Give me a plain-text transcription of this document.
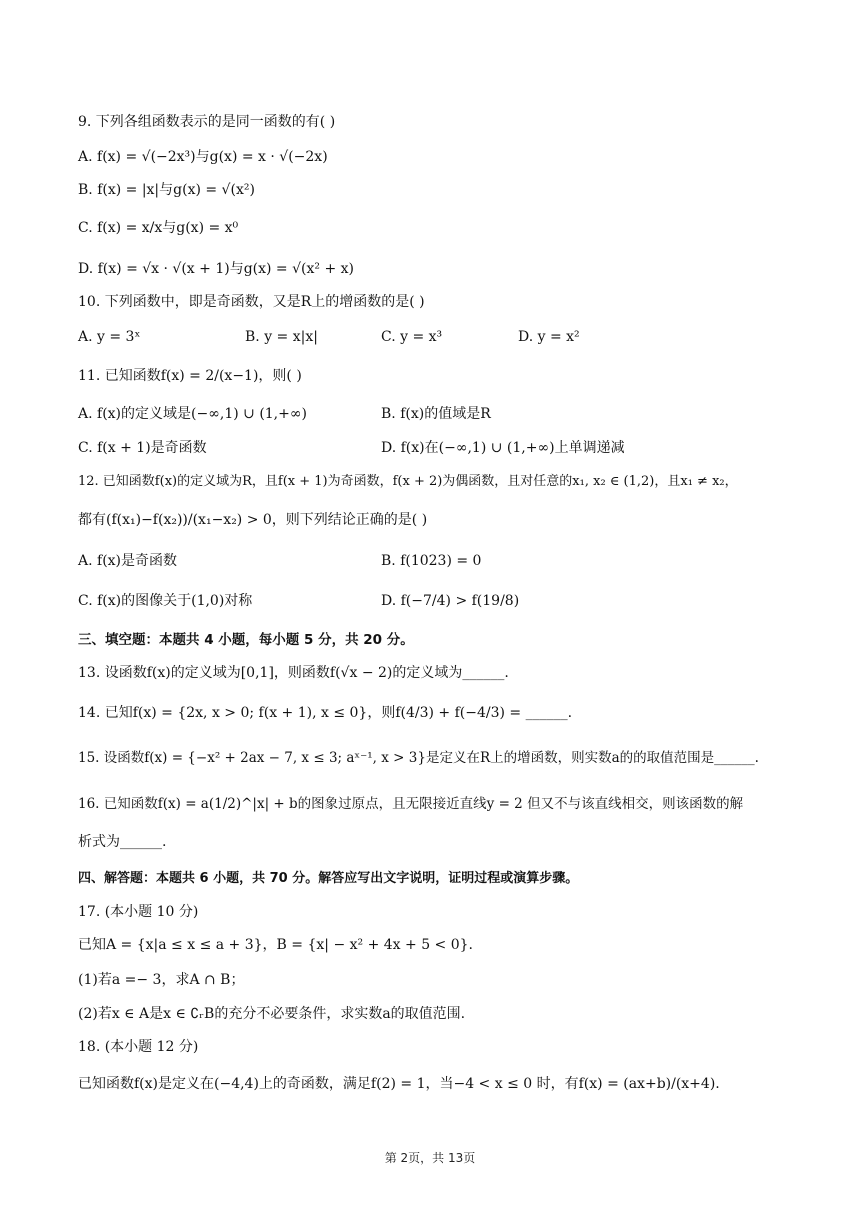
9. 下列各组函数表示的是同一函数的有( )
A. f(x) = √(−2x³)与g(x) = x · √(−2x)
B. f(x) = |x|与g(x) = √(x²)
C. f(x) = x/x与g(x) = x⁰
D. f(x) = √x · √(x + 1)与g(x) = √(x² + x)
10. 下列函数中，即是奇函数，又是R上的增函数的是( )
A. y = 3ˣ	B. y = x|x|	C. y = x³	D. y = x²
11. 已知函数f(x) = 2/(x−1)，则( )
A. f(x)的定义域是(−∞,1) ∪ (1,+∞)	B. f(x)的值域是R
C. f(x + 1)是奇函数	D. f(x)在(−∞,1) ∪ (1,+∞)上单调递减
12. 已知函数f(x)的定义域为R，且f(x + 1)为奇函数，f(x + 2)为偶函数，且对任意的x₁, x₂ ∈ (1,2)，且x₁ ≠ x₂，
都有(f(x₁)−f(x₂))/(x₁−x₂) > 0，则下列结论正确的是( )
A. f(x)是奇函数	B. f(1023) = 0
C. f(x)的图像关于(1,0)对称	D. f(−7/4) > f(19/8)
三、填空题：本题共 4 小题，每小题 5 分，共 20 分。
13. 设函数f(x)的定义域为[0,1]，则函数f(√x − 2)的定义域为______.
14. 已知f(x) = {2x, x > 0; f(x + 1), x ≤ 0}，则f(4/3) + f(−4/3) = ______.
15. 设函数f(x) = {−x² + 2ax − 7, x ≤ 3; aˣ⁻¹, x > 3}是定义在R上的增函数，则实数a的的取值范围是______.
16. 已知函数f(x) = a(1/2)^|x| + b的图象过原点，且无限接近直线y = 2 但又不与该直线相交，则该函数的解
析式为______.
四、解答题：本题共 6 小题，共 70 分。解答应写出文字说明，证明过程或演算步骤。
17. (本小题 10 分)
已知A = {x|a ≤ x ≤ a + 3}，B = {x| − x² + 4x + 5 < 0}.
(1)若a =− 3，求A ∩ B；
(2)若x ∈ A是x ∈ ∁ᵣB的充分不必要条件，求实数a的取值范围.
18. (本小题 12 分)
已知函数f(x)是定义在(−4,4)上的奇函数，满足f(2) = 1，当−4 < x ≤ 0 时，有f(x) = (ax+b)/(x+4).
第 2页，共 13页
